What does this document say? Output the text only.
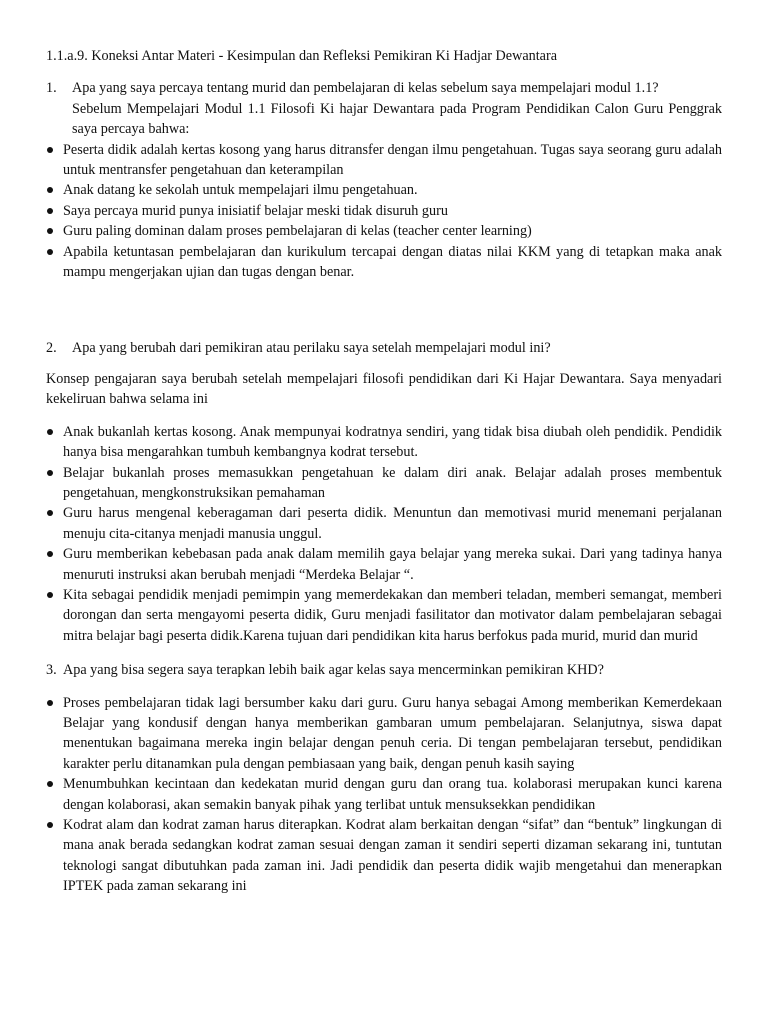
1.1.a.9. Koneksi Antar Materi - Kesimpulan dan Refleksi Pemikiran Ki Hadjar Dewantara
1.	Apa yang saya percaya tentang murid dan pembelajaran di kelas sebelum saya mempelajari modul 1.1?
Sebelum Mempelajari Modul 1.1 Filosofi Ki hajar Dewantara pada Program Pendidikan Calon Guru Penggrak saya percaya bahwa:
Peserta didik adalah kertas kosong yang harus ditransfer dengan ilmu pengetahuan. Tugas saya seorang guru adalah untuk mentransfer pengetahuan dan keterampilan
Anak datang ke sekolah untuk mempelajari ilmu pengetahuan.
Saya percaya murid punya inisiatif belajar meski tidak disuruh guru
Guru paling dominan dalam proses pembelajaran di kelas (teacher center learning)
Apabila ketuntasan pembelajaran dan kurikulum tercapai dengan diatas nilai KKM yang di tetapkan maka anak mampu mengerjakan ujian dan tugas dengan benar.
2.	Apa yang berubah dari pemikiran atau perilaku saya setelah mempelajari modul ini?
Konsep pengajaran saya berubah setelah mempelajari filosofi pendidikan dari Ki Hajar Dewantara. Saya menyadari kekeliruan bahwa selama ini
Anak bukanlah kertas kosong. Anak mempunyai kodratnya sendiri, yang tidak bisa diubah oleh pendidik. Pendidik hanya bisa mengarahkan tumbuh kembangnya kodrat tersebut.
Belajar bukanlah proses memasukkan pengetahuan ke dalam diri anak. Belajar adalah proses membentuk pengetahuan, mengkonstruksikan pemahaman
Guru harus mengenal keberagaman dari peserta didik. Menuntun dan memotivasi murid menemani perjalanan menuju cita-citanya menjadi manusia unggul.
Guru memberikan kebebasan pada anak dalam memilih gaya belajar yang mereka sukai. Dari yang tadinya hanya menuruti instruksi akan berubah menjadi “Merdeka Belajar “.
Kita sebagai pendidik menjadi pemimpin yang memerdekakan dan memberi teladan, memberi semangat, memberi dorongan dan serta mengayomi peserta didik, Guru menjadi fasilitator dan motivator dalam pembelajaran sebagai mitra belajar bagi peserta didik.Karena tujuan dari pendidikan kita harus berfokus pada murid, murid dan murid
3. Apa yang bisa segera saya terapkan lebih baik agar kelas saya mencerminkan pemikiran KHD?
Proses pembelajaran tidak lagi bersumber kaku dari guru. Guru hanya sebagai Among memberikan Kemerdekaan Belajar yang kondusif dengan hanya memberikan gambaran umum pembelajaran. Selanjutnya, siswa dapat menentukan bagaimana mereka ingin belajar dengan penuh ceria. Di tengan pembelajaran tersebut, pendidikan karakter perlu ditanamkan pula dengan pembiasaan yang baik, dengan penuh kasih saying
Menumbuhkan kecintaan dan kedekatan murid dengan guru dan orang tua. kolaborasi merupakan kunci karena dengan kolaborasi, akan semakin banyak pihak yang terlibat untuk mensuksekkan pendidikan
Kodrat alam dan kodrat zaman harus diterapkan. Kodrat alam berkaitan dengan “sifat” dan “bentuk” lingkungan di mana anak berada sedangkan kodrat zaman sesuai dengan zaman it sendiri seperti dizaman sekarang ini, tuntutan teknologi sangat dibutuhkan pada zaman ini. Jadi pendidik dan peserta didik wajib mengetahui dan menerapkan IPTEK pada zaman sekarang ini
